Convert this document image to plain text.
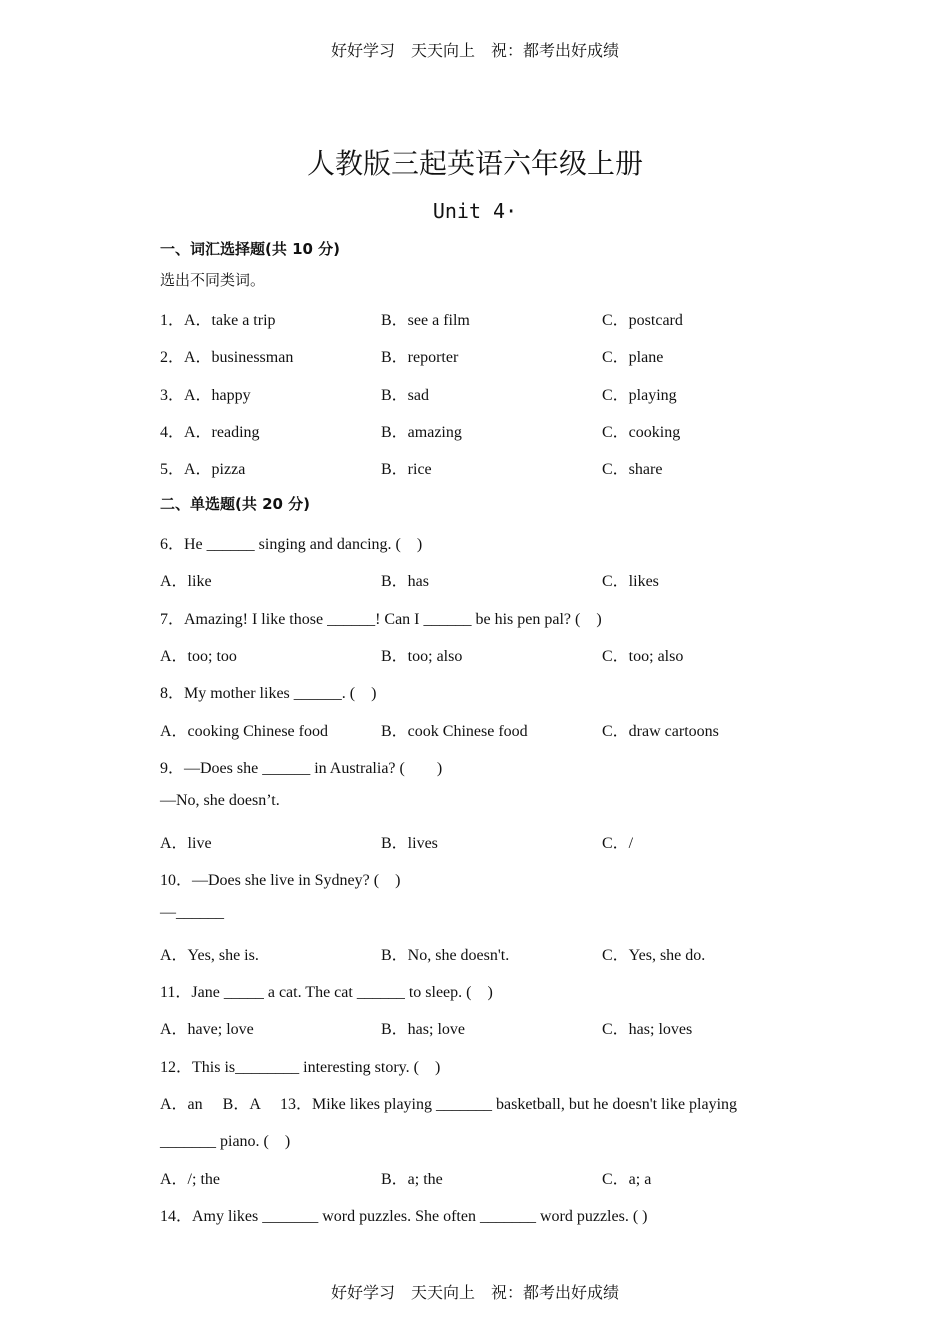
好好学习　天天向上　祝：都考出好成绩
人教版三起英语六年级上册
Unit 4·
一、词汇选择题(共 10 分)
选出不同类词。
1．A．take a trip	B．see a film	C．postcard
2．A．businessman	B．reporter	C．plane
3．A．happy	B．sad	C．playing
4．A．reading	B．amazing	C．cooking
5．A．pizza	B．rice	C．share
二、单选题(共 20 分)
6．He ______ singing and dancing. (　)
A．like	B．has	C．likes
7．Amazing! I like those ______! Can I ______ be his pen pal? (　)
A．too; too	B．too; also	C．too; also
8．My mother likes ______. (　)
A．cooking Chinese food	B．cook Chinese food	C．draw cartoons
9．—Does she ______ in Australia? (　　)
—No, she doesn’t.
A．live	B．lives	C．/
10．—Does she live in Sydney? (　)
—______
A．Yes, she is.	B．No, she doesn't.	C．Yes, she do.
11．Jane _____ a cat. The cat ______ to sleep. (　)
A．have; love	B．has; love	C．has; loves
12．This is________ interesting story. (　)
A．an　 B．A　 13．Mike likes playing _______ basketball, but he doesn't like playing
_______ piano. (　)
A．/; the	B．a; the	C．a; a
14．Amy likes _______ word puzzles. She often _______ word puzzles. ( )
好好学习　天天向上　祝：都考出好成绩
